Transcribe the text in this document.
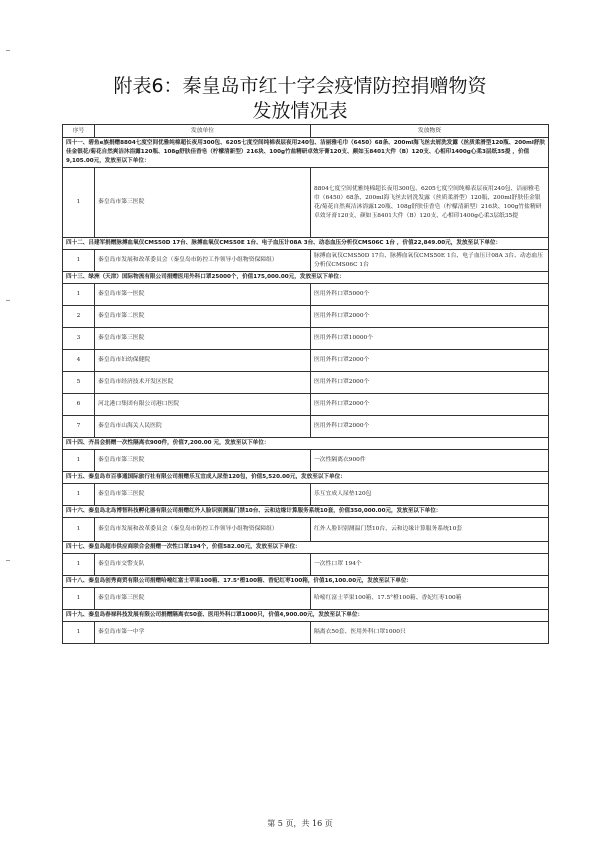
附表6：秦皇岛市红十字会疫情防控捐赠物资
发放情况表
序号	发放单位	发放物资
四十一、碧鱼e族捐赠8804七度空间优雅纯棉超长夜用300包、6205七度空间纯棉表层夜用240包、洁丽雅毛巾（6450）68条、200ml海飞丝去屑洗发露（丝质柔滑型120瓶、200ml舒肤佳金银花/菊花自然爽洁沐浴露120瓶、108g舒肤佳香皂（柠檬清新型）216块、100g竹盐精研卓效牙膏120支、颜如玉8401大件（B）120支、心相印1400g心柔3层纸35提 ，价值9,105.00元，发放至以下单位：		
1	秦皇岛市第三医院	8804七度空间优雅纯棉超长夜用300包、6205七度空间纯棉表层夜用240包、洁丽雅毛巾（6450）68条、200ml海飞丝去屑洗发露（丝质柔滑型）120瓶、200ml舒肤佳金银花/菊花自然爽洁沐浴露120瓶、108g舒肤佳香皂（柠檬清新型）216块、100g竹盐精研卓效牙膏120支、颜如玉8401大件（B）120支、心相印1400g心柔3层纸35提
四十二、吕建军捐赠脉搏血氧仪CMS50D 17台、脉搏血氧仪CMS50E 1台、电子血压计08A 3台、动态血压分析仪CMS06C 1台 ，价值22,849.00元，发放至以下单位：		
1	秦皇岛市发展和改革委员会（秦皇岛市防控工作领导小组物资保障组）	脉搏血氧仪CMS50D 17台、脉搏血氧仪CMS50E 1台、电子血压计08A 3台、动态血压分析仪CMS06C 1台
四十三、绿洲（天津）国际物流有限公司捐赠医用外科口罩25000个，价值175,000.00元，发放至以下单位：		
1	秦皇岛市第一医院	医用外科口罩5000个
2	秦皇岛市第二医院	医用外科口罩2000个
3	秦皇岛市第三医院	医用外科口罩10000个
4	秦皇岛市妇幼保健院	医用外科口罩2000个
5	秦皇岛市经济技术开发区医院	医用外科口罩2000个
6	河北港口集团有限公司港口医院	医用外科口罩2000个
7	秦皇岛市山海关人民医院	医用外科口罩2000个
四十四、齐昌会捐赠一次性隔离衣900件，价值7,200.00 元，发放至以下单位：		
1	秦皇岛市第三医院	一次性隔离衣900件
四十五、秦皇岛市百事通国际旅行社有限公司捐赠乐互宜成人尿垫120包，价值5,520.00元，发放至以下单位：		
1	秦皇岛市第三医院	乐互宜成人尿垫120包
四十六、秦皇岛北岛博智科技孵化器有限公司捐赠红外人脸识别测温门禁10台、云和边缘计算服务系统10套，价值350,000.00元，发放至以下单位：		
1	秦皇岛市发展和改革委员会（秦皇岛市防控工作领导小组物资保障组）	红外人脸识别测温门禁10台、云和边缘计算服务系统10套
四十七、秦皇岛超市供应商联合会捐赠一次性口罩194个，价值582.00元，发放至以下单位：		
1	秦皇岛市交警支队	一次性口罩 194个
四十八、秦皇岛创秀商贸有限公司捐赠哈嘧红富士苹果100箱、17.5°橙100箱、香妃红枣100箱，价值16,100.00元，发放至以下单位：		
1	秦皇岛市第三医院	哈嘧红富士苹果100箱、17.5°橙100箱、香妃红枣100箱
四十九、秦皇岛春禄科技发展有限公司捐赠隔离衣50套、医用外科口罩1000只，价值4,900.00元，发放至以下单位：		
1	秦皇岛市第一中学	隔离衣50套、医用外科口罩1000只
第 5 页，共 16 页
